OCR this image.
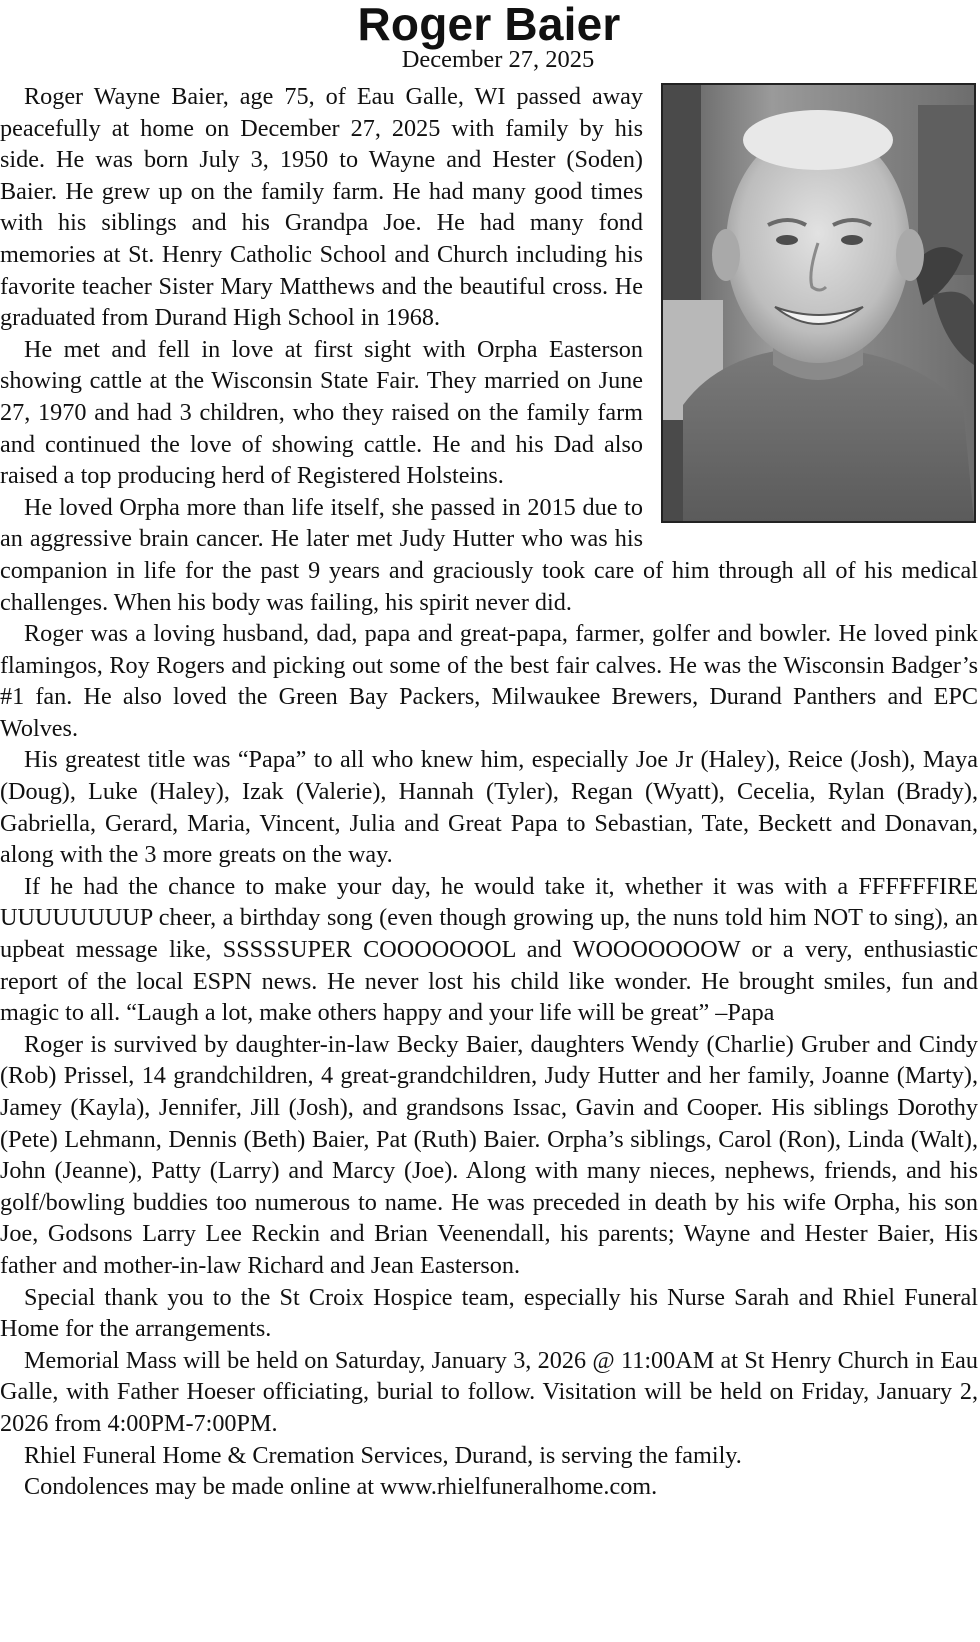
Roger Baier
December 27, 2025

Roger Wayne Baier, age 75, of Eau Galle, WI passed away peacefully at home on December 27, 2025 with family by his side. He was born July 3, 1950 to Wayne and Hester (Soden) Baier. He grew up on the family farm. He had many good times with his siblings and his Grandpa Joe. He had many fond memories at St. Henry Catholic School and Church including his favorite teacher Sister Mary Matthews and the beautiful cross. He graduated from Durand High School in 1968.

He met and fell in love at first sight with Orpha Easterson showing cattle at the Wisconsin State Fair. They married on June 27, 1970 and had 3 children, who they raised on the family farm and continued the love of showing cattle. He and his Dad also raised a top producing herd of Registered Holsteins.

He loved Orpha more than life itself, she passed in 2015 due to an aggressive brain cancer. He later met Judy Hutter who was his companion in life for the past 9 years and graciously took care of him through all of his medical challenges. When his body was failing, his spirit never did.

Roger was a loving husband, dad, papa and great-papa, farmer, golfer and bowler. He loved pink flamingos, Roy Rogers and picking out some of the best fair calves. He was the Wisconsin Badger’s #1 fan. He also loved the Green Bay Packers, Milwaukee Brewers, Durand Panthers and EPC Wolves.

His greatest title was “Papa” to all who knew him, especially Joe Jr (Haley), Reice (Josh), Maya (Doug), Luke (Haley), Izak (Valerie), Hannah (Tyler), Regan (Wyatt), Cecelia, Rylan (Brady), Gabriella, Gerard, Maria, Vincent, Julia and Great Papa to Sebastian, Tate, Beckett and Donavan, along with the 3 more greats on the way.

If he had the chance to make your day, he would take it, whether it was with a FFFFFFIRE UUUUUUUUP cheer, a birthday song (even though growing up, the nuns told him NOT to sing), an upbeat message like, SSSSSUPER COOOOOOOL and WOOOOOOOW or a very, enthusiastic report of the local ESPN news. He never lost his child like wonder. He brought smiles, fun and magic to all. “Laugh a lot, make others happy and your life will be great” –Papa

Roger is survived by daughter-in-law Becky Baier, daughters Wendy (Charlie) Gruber and Cindy (Rob) Prissel, 14 grandchildren, 4 great-grandchildren, Judy Hutter and her family, Joanne (Marty), Jamey (Kayla), Jennifer, Jill (Josh), and grandsons Issac, Gavin and Cooper. His siblings Dorothy (Pete) Lehmann, Dennis (Beth) Baier, Pat (Ruth) Baier. Orpha’s siblings, Carol (Ron), Linda (Walt), John (Jeanne), Patty (Larry) and Marcy (Joe). Along with many nieces, nephews, friends, and his golf/bowling buddies too numerous to name. He was preceded in death by his wife Orpha, his son Joe, Godsons Larry Lee Reckin and Brian Veenendall, his parents; Wayne and Hester Baier, His father and mother-in-law Richard and Jean Easterson.

Special thank you to the St Croix Hospice team, especially his Nurse Sarah and Rhiel Funeral Home for the arrangements.

Memorial Mass will be held on Saturday, January 3, 2026 @ 11:00AM at St Henry Church in Eau Galle, with Father Hoeser officiating, burial to follow. Visitation will be held on Friday, January 2, 2026 from 4:00PM-7:00PM.

Rhiel Funeral Home & Cremation Services, Durand, is serving the family.

Condolences may be made online at www.rhielfuneralhome.com.
